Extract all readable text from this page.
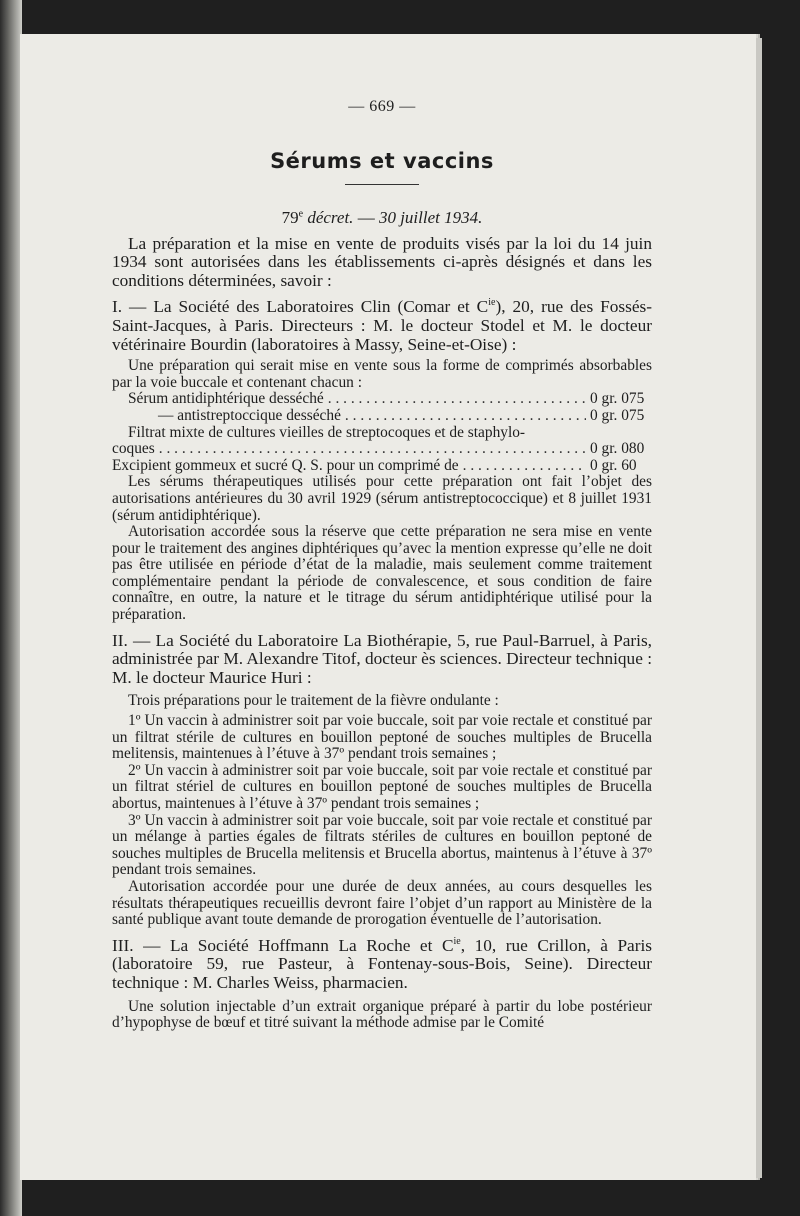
— 669 —
Sérums et vaccins
79e décret. — 30 juillet 1934.

La préparation et la mise en vente de produits visés par la loi du 14 juin 1934 sont autorisées dans les établissements ci-après désignés et dans les conditions déterminées, savoir :

I. — La Société des Laboratoires Clin (Comar et $C^{ie}$), 20, rue des Fossés-Saint-Jacques, à Paris. Directeurs : M. le docteur Stodel et M. le docteur vétérinaire Bourdin (laboratoires à Massy, Seine-et-Oise) :

Une préparation qui serait mise en vente sous la forme de comprimés absorbables par la voie buccale et contenant chacun :

Sérum antidiphtérique desséché . . .	0 gr. 075
— antistreptoccique desséché . . .	0 gr. 075

Filtrat mixte de cultures vieilles de streptocoques et de staphylo-

coques . . .	0 gr. 080
Excipient gommeux et sucré Q. S. pour un comprimé de . . .	0 gr. 60

Les sérums thérapeutiques utilisés pour cette préparation ont fait l’objet des autorisations antérieures du 30 avril 1929 (sérum antistreptococcique) et 8 juillet 1931 (sérum antidiphtérique).

Autorisation accordée sous la réserve que cette préparation ne sera mise en vente pour le traitement des angines diphtériques qu’avec la mention expresse qu’elle ne doit pas être utilisée en période d’état de la maladie, mais seulement comme traitement complémentaire pendant la période de convalescence, et sous condition de faire connaître, en outre, la nature et le titrage du sérum antidiphtérique utilisé pour la préparation.

II. — La Société du Laboratoire La Biothérapie, 5, rue Paul-Barruel, à Paris, administrée par M. Alexandre Titof, docteur ès sciences. Directeur technique : M. le docteur Maurice Huri :

Trois préparations pour le traitement de la fièvre ondulante :

1º Un vaccin à administrer soit par voie buccale, soit par voie rectale et constitué par un filtrat stérile de cultures en bouillon peptoné de souches multiples de Brucella melitensis, maintenues à l’étuve à 37º pendant trois semaines ;

2º Un vaccin à administrer soit par voie buccale, soit par voie rectale et constitué par un filtrat stériel de cultures en bouillon peptoné de souches multiples de Brucella abortus, maintenues à l’étuve à 37º pendant trois semaines ;

3º Un vaccin à administrer soit par voie buccale, soit par voie rectale et constitué par un mélange à parties égales de filtrats stériles de cultures en bouillon peptoné de souches multiples de Brucella melitensis et Brucella abortus, maintenus à l’étuve à 37º pendant trois semaines.

Autorisation accordée pour une durée de deux années, au cours desquelles les résultats thérapeutiques recueillis devront faire l’objet d’un rapport au Ministère de la santé publique avant toute demande de prorogation éventuelle de l’autorisation.

III. — La Société Hoffmann La Roche et $C^{ie}$, 10, rue Crillon, à Paris (laboratoire 59, rue Pasteur, à Fontenay-sous-Bois, Seine). Directeur technique : M. Charles Weiss, pharmacien.

Une solution injectable d’un extrait organique préparé à partir du lobe postérieur d’hypophyse de bœuf et titré suivant la méthode admise par le Comité
